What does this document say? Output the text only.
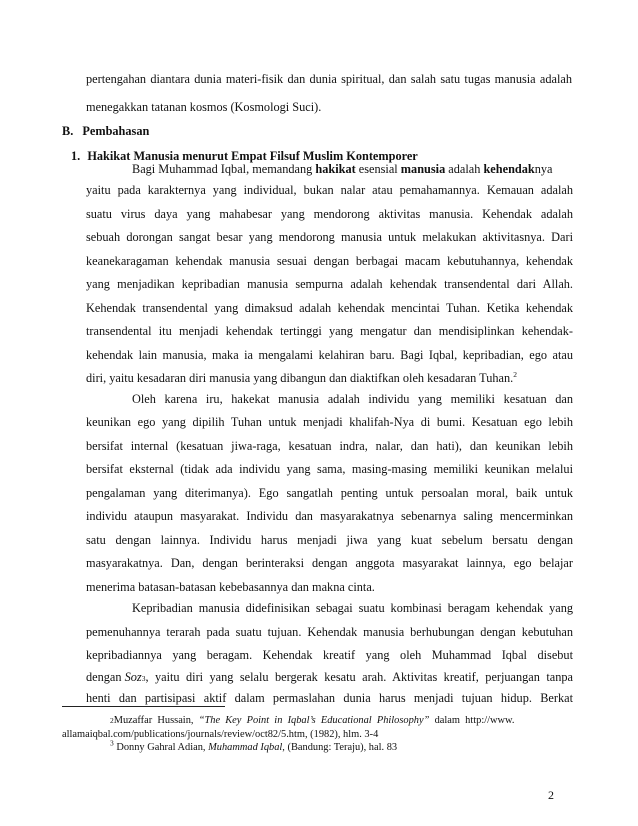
pertengahan diantara dunia materi-fisik dan dunia spiritual, dan salah satu tugas manusia adalah
menegakkan tatanan kosmos (Kosmologi Suci).
B. Pembahasan
1. Hakikat Manusia menurut Empat Filsuf Muslim Kontemporer
Bagi Muhammad Iqbal, memandang hakikat esensial manusia adalah kehendaknya
yaitu pada karakternya yang individual, bukan nalar atau pemahamannya. Kemauan adalah
suatu virus daya yang mahabesar yang mendorong aktivitas manusia. Kehendak adalah
sebuah dorongan sangat besar yang mendorong manusia untuk melakukan aktivitasnya. Dari
keanekaragaman kehendak manusia sesuai dengan berbagai macam kebutuhannya, kehendak
yang menjadikan kepribadian manusia sempurna adalah kehendak transendental dari Allah.
Kehendak transendental yang dimaksud adalah kehendak mencintai Tuhan. Ketika kehendak
transendental itu menjadi kehendak tertinggi yang mengatur dan mendisiplinkan kehendak-
kehendak lain manusia, maka ia mengalami kelahiran baru. Bagi Iqbal, kepribadian, ego atau
diri, yaitu kesadaran diri manusia yang dibangun dan diaktifkan oleh kesadaran Tuhan.$^2$
Oleh karena iru, hakekat manusia adalah individu yang memiliki kesatuan dan
keunikan ego yang dipilih Tuhan untuk menjadi khalifah-Nya di bumi. Kesatuan ego lebih
bersifat internal (kesatuan jiwa-raga, kesatuan indra, nalar, dan hati), dan keunikan lebih
bersifat eksternal (tidak ada individu yang sama, masing-masing memiliki keunikan melalui
pengalaman yang diterimanya). Ego sangatlah penting untuk persoalan moral, baik untuk
individu ataupun masyarakat. Individu dan masyarakatnya sebenarnya saling mencerminkan
satu dengan lainnya. Individu harus menjadi jiwa yang kuat sebelum bersatu dengan
masyarakatnya. Dan, dengan berinteraksi dengan anggota masyarakat lainnya, ego belajar
menerima batasan-batasan kebebasannya dan makna cinta.
Kepribadian manusia didefinisikan sebagai suatu kombinasi beragam kehendak yang
pemenuhannya terarah pada suatu tujuan. Kehendak manusia berhubungan dengan kebutuhan
kepribadiannya yang beragam. Kehendak kreatif yang oleh Muhammad Iqbal disebut
dengan Soz 3 ,  yaitu  diri  yang  selalu  bergerak  kesatu  arah.  Aktivitas  kreatif,  perjuangan  tanpa
henti dan partisipasi aktif dalam permaslahan dunia harus menjadi tujuan hidup. Berkat
2 Muzaffar  Hussain, “The  Key  Point  in  Iqbal’s  Educational  Philosophy” dalam  http://www.
allamaiqbal.com/publications/journals/review/oct82/5.htm, (1982), hlm. 3-4
$^3$ Donny Gahral Adian, Muhammad Iqbal, (Bandung: Teraju), hal. 83
2
